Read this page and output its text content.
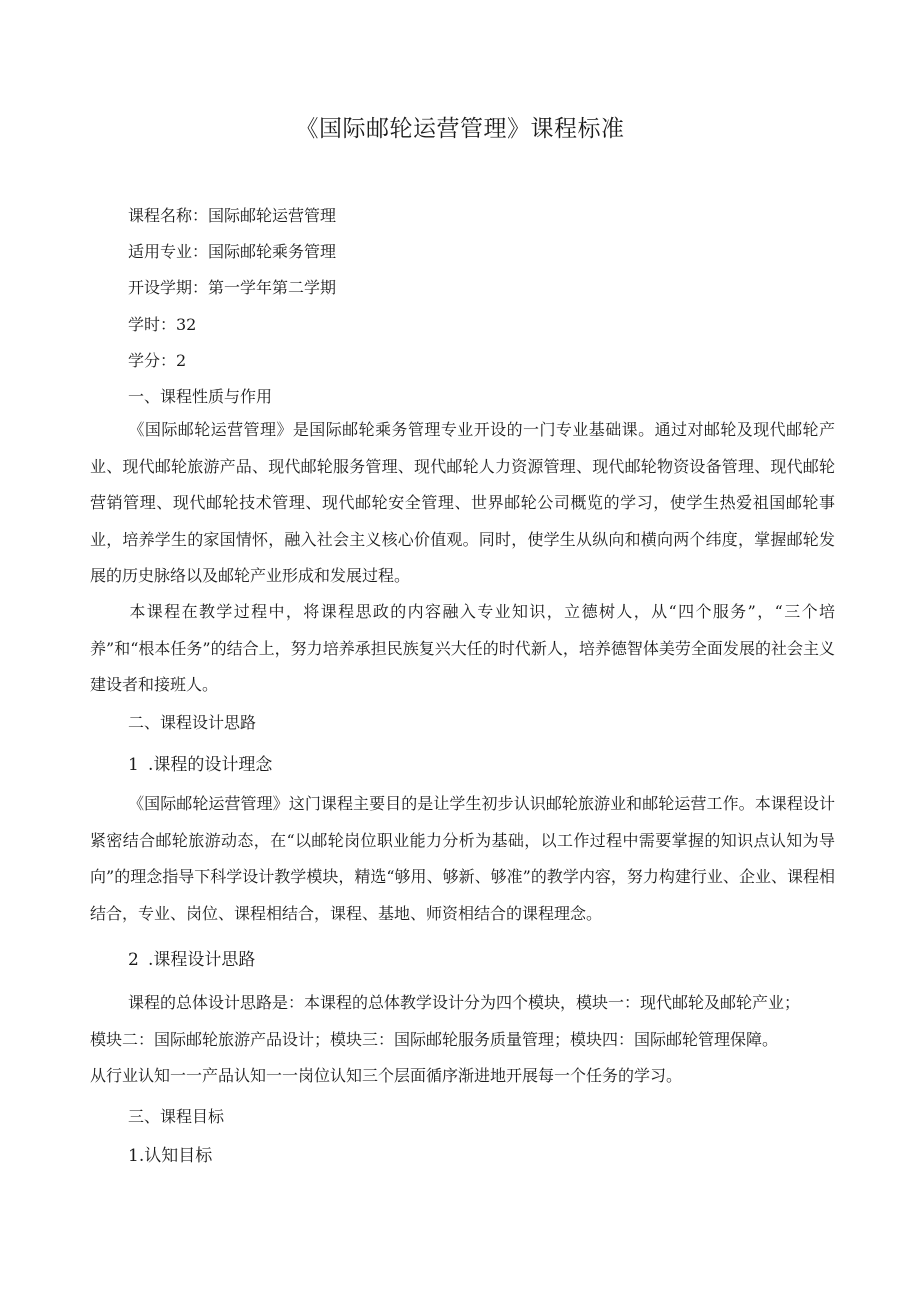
《国际邮轮运营管理》课程标准
课程名称：国际邮轮运营管理
适用专业：国际邮轮乘务管理
开设学期：第一学年第二学期
学时：32
学分：2
一、课程性质与作用

《国际邮轮运营管理》是国际邮轮乘务管理专业开设的一门专业基础课。通过对邮轮及现代邮轮产业、现代邮轮旅游产品、现代邮轮服务管理、现代邮轮人力资源管理、现代邮轮物资设备管理、现代邮轮营销管理、现代邮轮技术管理、现代邮轮安全管理、世界邮轮公司概览的学习，使学生热爱祖国邮轮事业，培养学生的家国情怀，融入社会主义核心价值观。同时，使学生从纵向和横向两个纬度，掌握邮轮发展的历史脉络以及邮轮产业形成和发展过程。

本课程在教学过程中，将课程思政的内容融入专业知识，立德树人，从“四个服务”，“三个培养”和“根本任务”的结合上，努力培养承担民族复兴大任的时代新人，培养德智体美劳全面发展的社会主义建设者和接班人。

二、课程设计思路
1 .课程的设计理念

《国际邮轮运营管理》这门课程主要目的是让学生初步认识邮轮旅游业和邮轮运营工作。本课程设计紧密结合邮轮旅游动态，在“以邮轮岗位职业能力分析为基础，以工作过程中需要掌握的知识点认知为导向”的理念指导下科学设计教学模块，精选“够用、够新、够准”的教学内容，努力构建行业、企业、课程相结合，专业、岗位、课程相结合，课程、基地、师资相结合的课程理念。

2 .课程设计思路
课程的总体设计思路是：本课程的总体教学设计分为四个模块，模块一：现代邮轮及邮轮产业；
模块二：国际邮轮旅游产品设计；模块三：国际邮轮服务质量管理；模块四：国际邮轮管理保障。
从行业认知一一产品认知一一岗位认知三个层面循序渐进地开展每一个任务的学习。
三、课程目标
1.认知目标
